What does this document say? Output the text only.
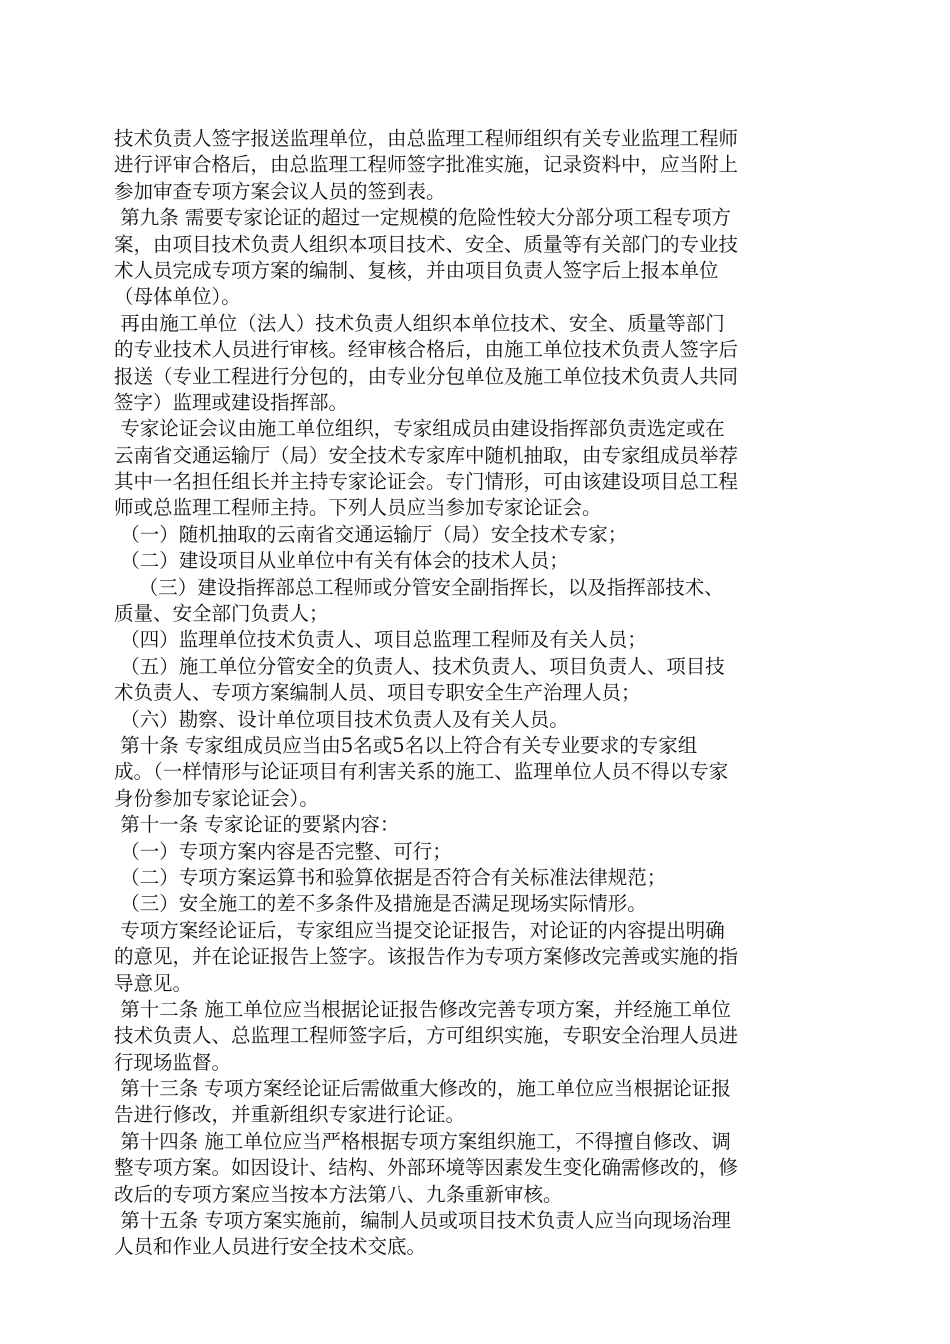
技术负责人签字报送监理单位，由总监理工程师组织有关专业监理工程师
进行评审合格后，由总监理工程师签字批准实施，记录资料中，应当附上
参加审查专项方案会议人员的签到表。
第九条 需要专家论证的超过一定规模的危险性较大分部分项工程专项方
案，由项目技术负责人组织本项目技术、安全、质量等有关部门的专业技
术人员完成专项方案的编制、复核，并由项目负责人签字后上报本单位
（母体单位）。
再由施工单位（法人）技术负责人组织本单位技术、安全、质量等部门
的专业技术人员进行审核。经审核合格后，由施工单位技术负责人签字后
报送（专业工程进行分包的，由专业分包单位及施工单位技术负责人共同
签字）监理或建设指挥部。
专家论证会议由施工单位组织，专家组成员由建设指挥部负责选定或在
云南省交通运输厅（局）安全技术专家库中随机抽取，由专家组成员举荐
其中一名担任组长并主持专家论证会。专门情形，可由该建设项目总工程
师或总监理工程师主持。下列人员应当参加专家论证会。
（一）随机抽取的云南省交通运输厅（局）安全技术专家；
（二）建设项目从业单位中有关有体会的技术人员；
（三）建设指挥部总工程师或分管安全副指挥长，以及指挥部技术、
质量、安全部门负责人；
（四）监理单位技术负责人、项目总监理工程师及有关人员；
（五）施工单位分管安全的负责人、技术负责人、项目负责人、项目技
术负责人、专项方案编制人员、项目专职安全生产治理人员；
（六）勘察、设计单位项目技术负责人及有关人员。
第十条 专家组成员应当由5名或5名以上符合有关专业要求的专家组
成。（一样情形与论证项目有利害关系的施工、监理单位人员不得以专家
身份参加专家论证会）。
第十一条 专家论证的要紧内容：
（一）专项方案内容是否完整、可行；
（二）专项方案运算书和验算依据是否符合有关标准法律规范；
（三）安全施工的差不多条件及措施是否满足现场实际情形。
专项方案经论证后，专家组应当提交论证报告，对论证的内容提出明确
的意见，并在论证报告上签字。该报告作为专项方案修改完善或实施的指
导意见。
第十二条 施工单位应当根据论证报告修改完善专项方案，并经施工单位
技术负责人、总监理工程师签字后，方可组织实施，专职安全治理人员进
行现场监督。
第十三条 专项方案经论证后需做重大修改的，施工单位应当根据论证报
告进行修改，并重新组织专家进行论证。
第十四条 施工单位应当严格根据专项方案组织施工，不得擅自修改、调
整专项方案。如因设计、结构、外部环境等因素发生变化确需修改的，修
改后的专项方案应当按本方法第八、九条重新审核。
第十五条 专项方案实施前，编制人员或项目技术负责人应当向现场治理
人员和作业人员进行安全技术交底。
